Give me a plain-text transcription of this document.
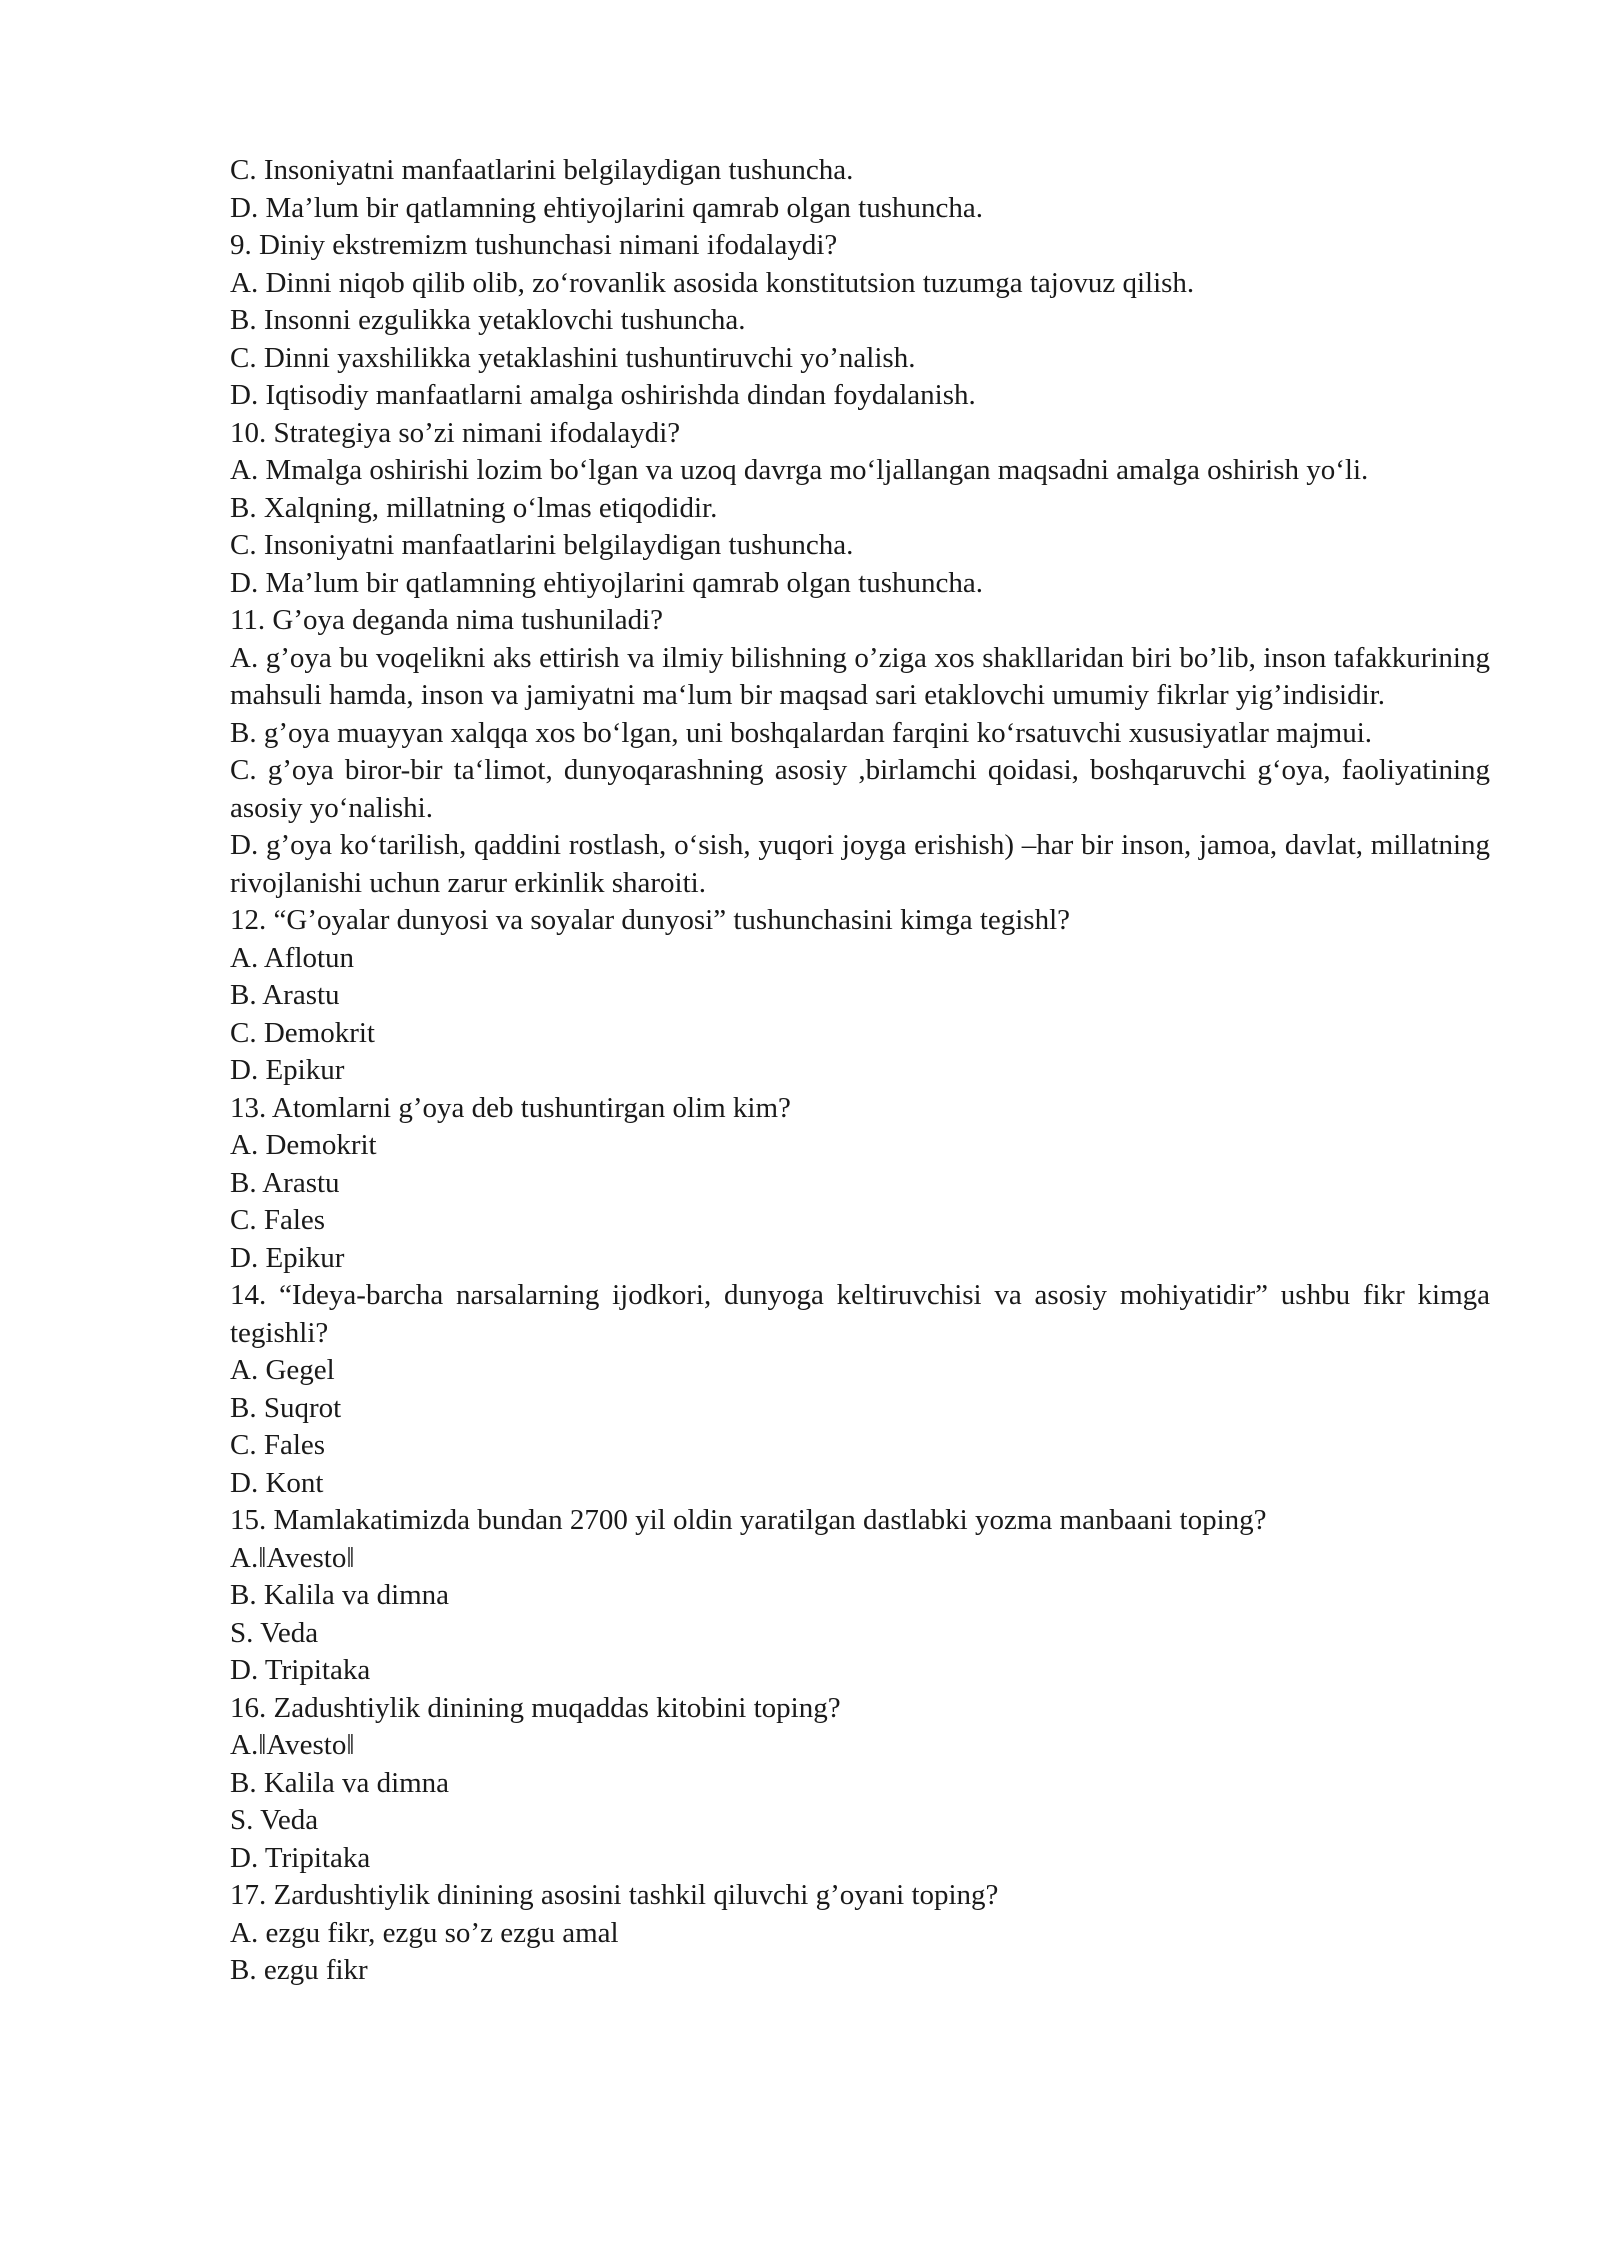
C. Insoniyatni manfaatlarini belgilaydigan tushuncha.

D. Ma’lum bir qatlamning ehtiyojlarini qamrab olgan tushuncha.

9. Diniy ekstremizm tushunchasi nimani ifodalaydi?

A. Dinni niqob qilib olib, zo‘rovanlik asosida konstitutsion tuzumga tajovuz qilish.

B. Insonni ezgulikka yetaklovchi tushuncha.

C. Dinni yaxshilikka yetaklashini tushuntiruvchi yo’nalish.

D. Iqtisodiy manfaatlarni amalga oshirishda dindan foydalanish.

10. Strategiya so’zi nimani ifodalaydi?

A. Mmalga oshirishi lozim bo‘lgan va uzoq davrga mo‘ljallangan maqsadni amalga oshirish yo‘li.

B. Xalqning, millatning o‘lmas etiqodidir.

C. Insoniyatni manfaatlarini belgilaydigan tushuncha.

D. Ma’lum bir qatlamning ehtiyojlarini qamrab olgan tushuncha.

11. G’oya deganda nima tushuniladi?

A. g’oya bu voqelikni aks ettirish va ilmiy bilishning o’ziga xos shakllaridan biri bo’lib, inson tafakkurining mahsuli hamda, inson va jamiyatni ma‘lum bir maqsad sari etaklovchi umumiy fikrlar yig’indisidir.

B. g’oya muayyan xalqqa xos bo‘lgan, uni boshqalardan farqini ko‘rsatuvchi xususiyatlar majmui.

C. g’oya biror-bir ta‘limot, dunyoqarashning asosiy ,birlamchi qoidasi, boshqaruvchi g‘oya, faoliyatining asosiy yo‘nalishi.

D. g’oya ko‘tarilish, qaddini rostlash, o‘sish, yuqori joyga erishish) –har bir inson, jamoa, davlat, millatning rivojlanishi uchun zarur erkinlik sharoiti.

12. “G’oyalar dunyosi va soyalar dunyosi” tushunchasini kimga tegishl?

A. Aflotun

B. Arastu

C. Demokrit

D. Epikur

13. Atomlarni g’oya deb tushuntirgan olim kim?

A. Demokrit

B. Arastu

C. Fales

D. Epikur

14. “Ideya-barcha narsalarning ijodkori, dunyoga keltiruvchisi va asosiy mohiyatidir” ushbu fikr kimga tegishli?

A. Gegel

B. Suqrot

C. Fales

D. Kont

15. Mamlakatimizda bundan 2700 yil oldin yaratilgan dastlabki yozma manbaani toping?

A.‖Avesto‖

B. Kalila va dimna

S. Veda

D. Tripitaka

16. Zadushtiylik dinining muqaddas kitobini toping?

A.‖Avesto‖

B. Kalila va dimna

S. Veda

D. Tripitaka

17. Zardushtiylik dinining asosini tashkil qiluvchi g’oyani toping?

A. ezgu fikr, ezgu so’z ezgu amal

B. ezgu fikr
